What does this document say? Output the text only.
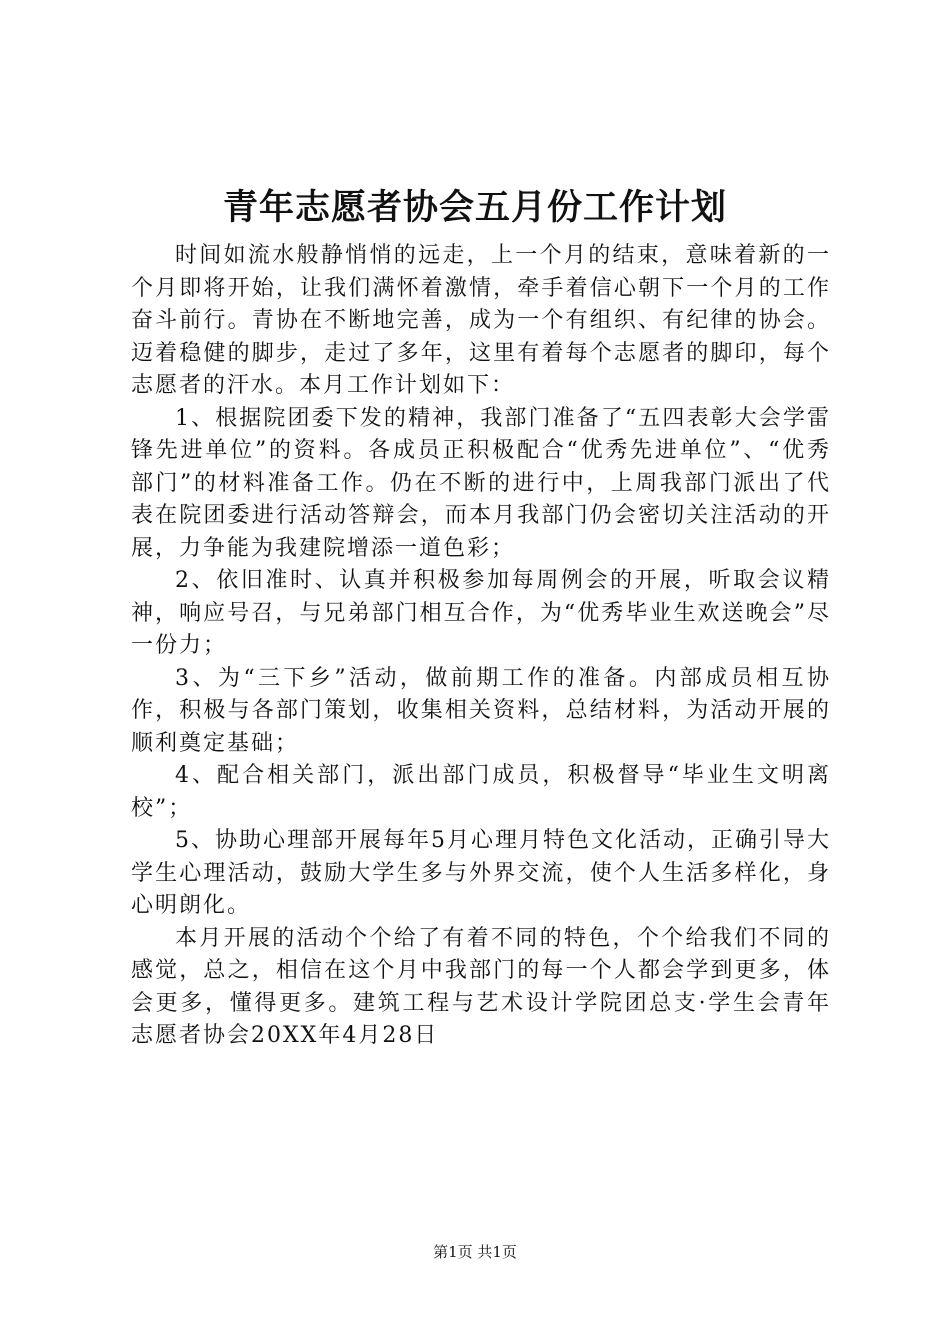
青年志愿者协会五月份工作计划

时间如流水般静悄悄的远走，上一个月的结束，意味着新的一个月即将开始，让我们满怀着激情，牵手着信心朝下一个月的工作奋斗前行。青协在不断地完善，成为一个有组织、有纪律的协会。迈着稳健的脚步，走过了多年，这里有着每个志愿者的脚印，每个志愿者的汗水。本月工作计划如下：

1、根据院团委下发的精神，我部门准备了“五四表彰大会学雷锋先进单位”的资料。各成员正积极配合“优秀先进单位”、“优秀部门”的材料准备工作。仍在不断的进行中，上周我部门派出了代表在院团委进行活动答辩会，而本月我部门仍会密切关注活动的开展，力争能为我建院增添一道色彩；

2、依旧准时、认真并积极参加每周例会的开展，听取会议精神，响应号召，与兄弟部门相互合作，为“优秀毕业生欢送晚会”尽一份力；

3、为“三下乡”活动，做前期工作的准备。内部成员相互协作，积极与各部门策划，收集相关资料，总结材料，为活动开展的顺利奠定基础；

4、配合相关部门，派出部门成员，积极督导“毕业生文明离校”；

5、协助心理部开展每年5月心理月特色文化活动，正确引导大学生心理活动，鼓励大学生多与外界交流，使个人生活多样化，身心明朗化。

本月开展的活动个个给了有着不同的特色，个个给我们不同的感觉，总之，相信在这个月中我部门的每一个人都会学到更多，体会更多，懂得更多。建筑工程与艺术设计学院团总支·学生会青年志愿者协会20XX年4月28日

第1页 共1页
